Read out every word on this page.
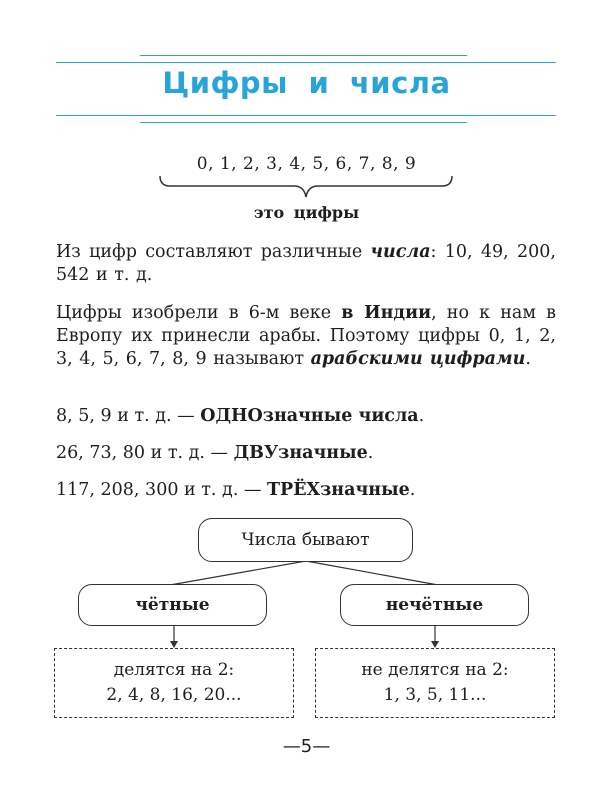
Цифры и числа
0, 1, 2, 3, 4, 5, 6, 7, 8, 9
это цифры
Из цифр составляют различные числа: 10, 49, 200, 542 и т. д.
Цифры изобрели в 6-м веке в Индии, но к нам в Европу их принесли арабы. Поэтому цифры 0, 1, 2, 3, 4, 5, 6, 7, 8, 9 называют арабскими цифрами.
8, 5, 9 и т. д. — ОДНОзначные числа.
26, 73, 80 и т. д. — ДВУзначные.
117, 208, 300 и т. д. — ТРЁХзначные.
Числа бывают
чётные	нечётные
делятся на 2:
2, 4, 8, 16, 20...
не делятся на 2:
1, 3, 5, 11...
—5—
